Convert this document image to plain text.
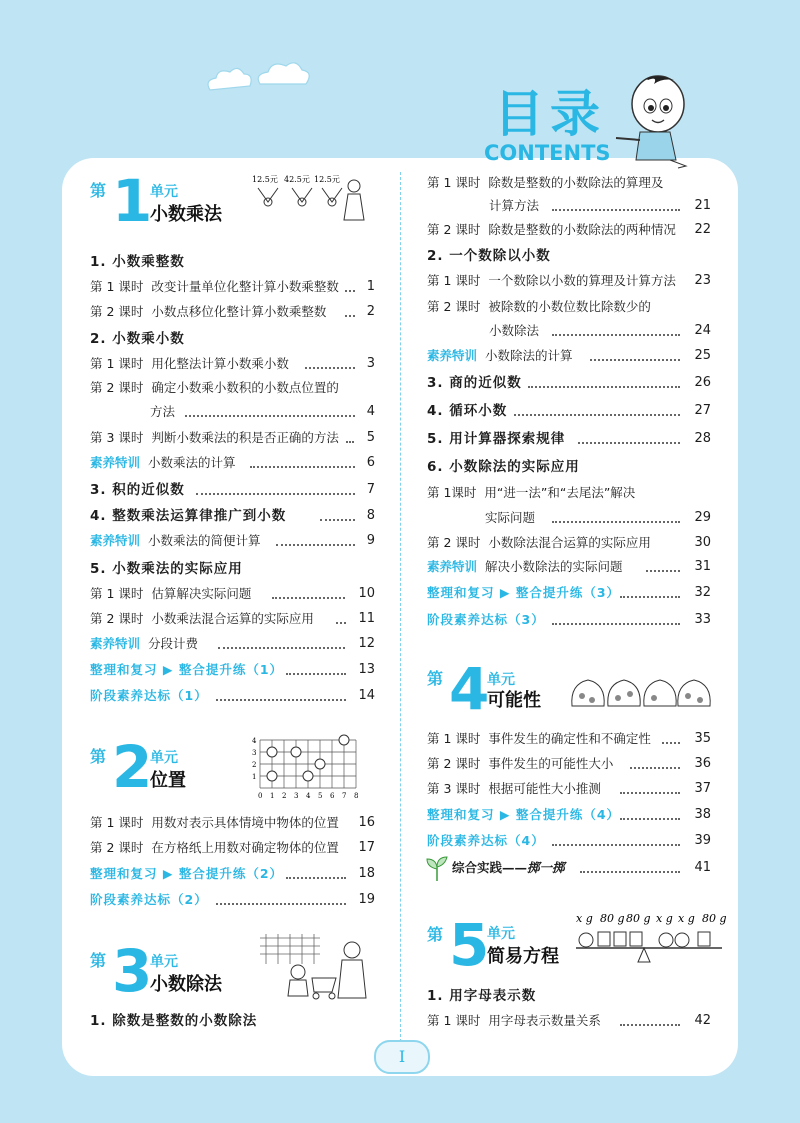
目录
CONTENTS
第 1
单元
小数乘法
12.5元 42.5元 12.5元
1. 小数乘整数
第 1 课时 改变计量单位化整计算小数乘整数	1
第 2 课时 小数点移位化整计算小数乘整数	2
2. 小数乘小数
第 1 课时 用化整法计算小数乘小数	3
第 2 课时 确定小数乘小数积的小数点位置的
方法	4
第 3 课时 判断小数乘法的积是否正确的方法	5
素养特训 小数乘法的计算	6
3. 积的近似数	7
4. 整数乘法运算律推广到小数	8
素养特训 小数乘法的简便计算	9
5. 小数乘法的实际应用
第 1 课时 估算解决实际问题	10
第 2 课时 小数乘法混合运算的实际应用	11
素养特训 分段计费	12
整理和复习 ▶ 整合提升练（1）	13
阶段素养达标（1）	14
第 2
单元
位置
0 1 2 3 4 5 6 7 8
1
2
3
4
第 1 课时 用数对表示具体情境中物体的位置	16
第 2 课时 在方格纸上用数对确定物体的位置	17
整理和复习 ▶ 整合提升练（2）	18
阶段素养达标（2）	19
第 3
单元
小数除法
1. 除数是整数的小数除法
第 1 课时 除数是整数的小数除法的算理及
计算方法	21
第 2 课时 除数是整数的小数除法的两种情况	22
2. 一个数除以小数
第 1 课时 一个数除以小数的算理及计算方法	23
第 2 课时 被除数的小数位数比除数少的
小数除法	24
素养特训 小数除法的计算	25
3. 商的近似数	26
4. 循环小数	27
5. 用计算器探索规律	28
6. 小数除法的实际应用
第 1课时 用“进一法”和“去尾法”解决
实际问题	29
第 2 课时 小数除法混合运算的实际应用	30
素养特训 解决小数除法的实际问题	31
整理和复习 ▶ 整合提升练（3）	32
阶段素养达标（3）	33
第 4
单元
可能性
第 1 课时 事件发生的确定性和不确定性	35
第 2 课时 事件发生的可能性大小	36
第 3 课时 根据可能性大小推测	37
整理和复习 ▶ 整合提升练（4）	38
阶段素养达标（4）	39
综合实践——掷一掷	41
第 5
单元
简易方程
x g 80 g 80 g x g x g 80 g
1. 用字母表示数
第 1 课时 用字母表示数量关系	42
I
